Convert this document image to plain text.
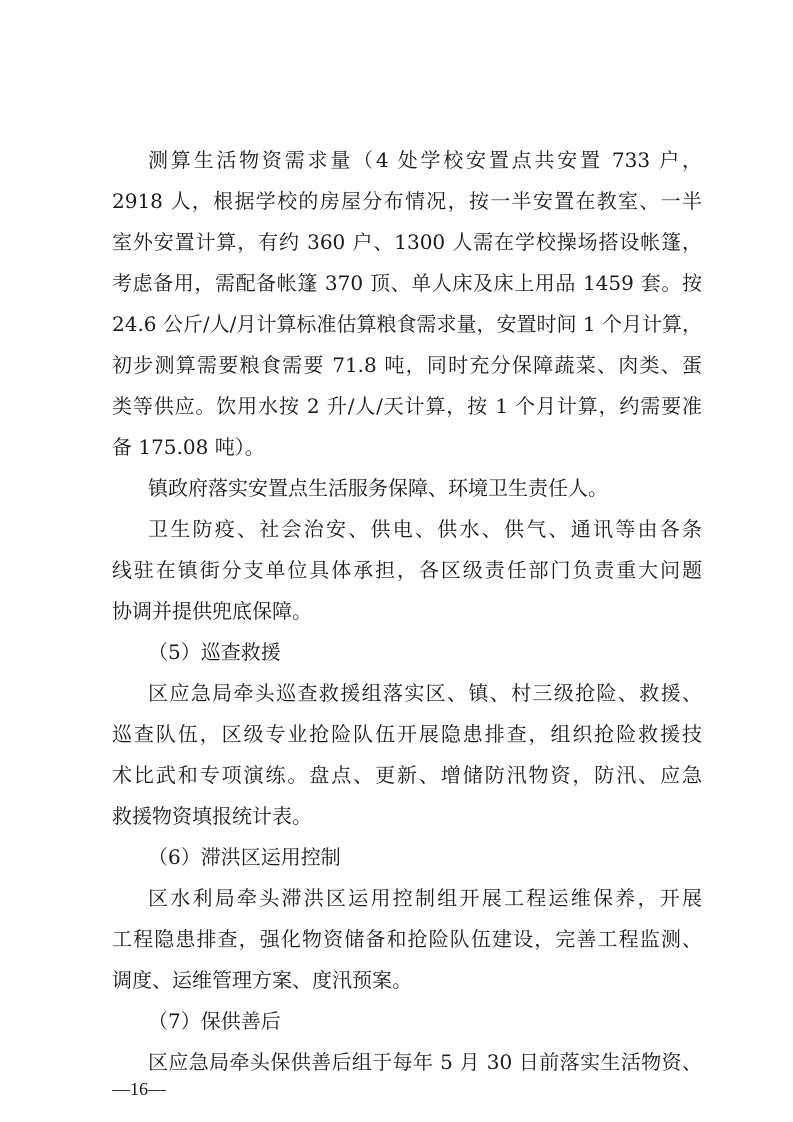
测算生活物资需求量（4 处学校安置点共安置 733 户，
2918 人，根据学校的房屋分布情况，按一半安置在教室、一半
室外安置计算，有约 360 户、1300 人需在学校操场搭设帐篷，
考虑备用，需配备帐篷 370 顶、单人床及床上用品 1459 套。按
24.6 公斤/人/月计算标准估算粮食需求量，安置时间 1 个月计算，
初步测算需要粮食需要 71.8 吨，同时充分保障蔬菜、肉类、蛋
类等供应。饮用水按 2 升/人/天计算，按 1 个月计算，约需要准
备 175.08 吨）。
镇政府落实安置点生活服务保障、环境卫生责任人。
卫生防疫、社会治安、供电、供水、供气、通讯等由各条
线驻在镇街分支单位具体承担，各区级责任部门负责重大问题
协调并提供兜底保障。
（5）巡查救援
区应急局牵头巡查救援组落实区、镇、村三级抢险、救援、
巡查队伍，区级专业抢险队伍开展隐患排查，组织抢险救援技
术比武和专项演练。盘点、更新、增储防汛物资，防汛、应急
救援物资填报统计表。
（6）滞洪区运用控制
区水利局牵头滞洪区运用控制组开展工程运维保养，开展
工程隐患排查，强化物资储备和抢险队伍建设，完善工程监测、
调度、运维管理方案、度汛预案。
（7）保供善后
区应急局牵头保供善后组于每年 5 月 30 日前落实生活物资、
—16—
